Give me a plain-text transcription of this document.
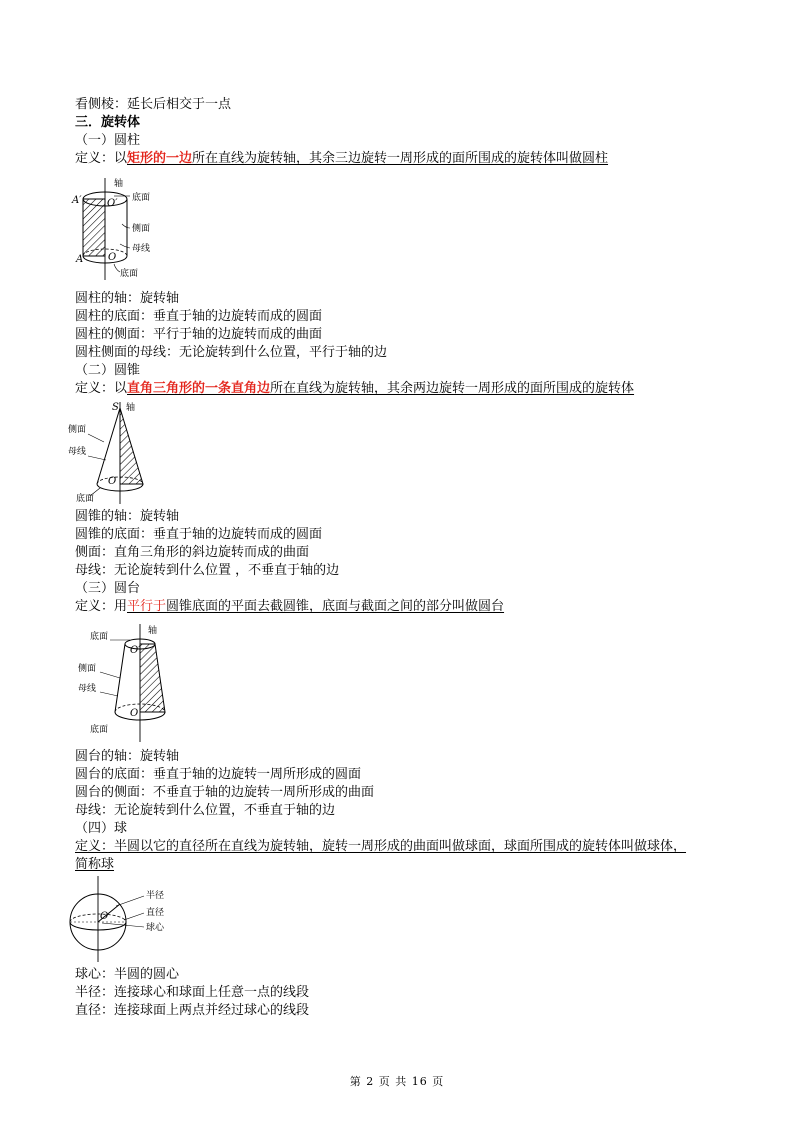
看侧棱：延长后相交于一点
三．旋转体
（一）圆柱
定义：以矩形的一边所在直线为旋转轴，其余三边旋转一周形成的面所围成的旋转体叫做圆柱
轴
A′	O′ 底面
侧面
母线
A O
底面
圆柱的轴：旋转轴
圆柱的底面：垂直于轴的边旋转而成的圆面
圆柱的侧面：平行于轴的边旋转而成的曲面
圆柱侧面的母线：无论旋转到什么位置，平行于轴的边
（二）圆锥
定义：以直角三角形的一条直角边所在直线为旋转轴，其余两边旋转一周形成的面所围成的旋转体
S 轴
侧面
母线
O
底面
圆锥的轴：旋转轴
圆锥的底面：垂直于轴的边旋转而成的圆面
侧面：直角三角形的斜边旋转而成的曲面
母线：无论旋转到什么位置 ，不垂直于轴的边
（三）圆台
定义：用平行于圆锥底面的平面去截圆锥，底面与截面之间的部分叫做圆台
底面
轴
O′
侧面
母线
O
底面
圆台的轴：旋转轴
圆台的底面：垂直于轴的边旋转一周所形成的圆面
圆台的侧面：不垂直于轴的边旋转一周所形成的曲面
母线：无论旋转到什么位置，不垂直于轴的边
（四）球
定义：半圆以它的直径所在直线为旋转轴，旋转一周形成的曲面叫做球面，球面所围成的旋转体叫做球体，
简称球
O
半径
直径
球心
球心：半圆的圆心
半径：连接球心和球面上任意一点的线段
直径：连接球面上两点并经过球心的线段
第 2 页 共 16 页
